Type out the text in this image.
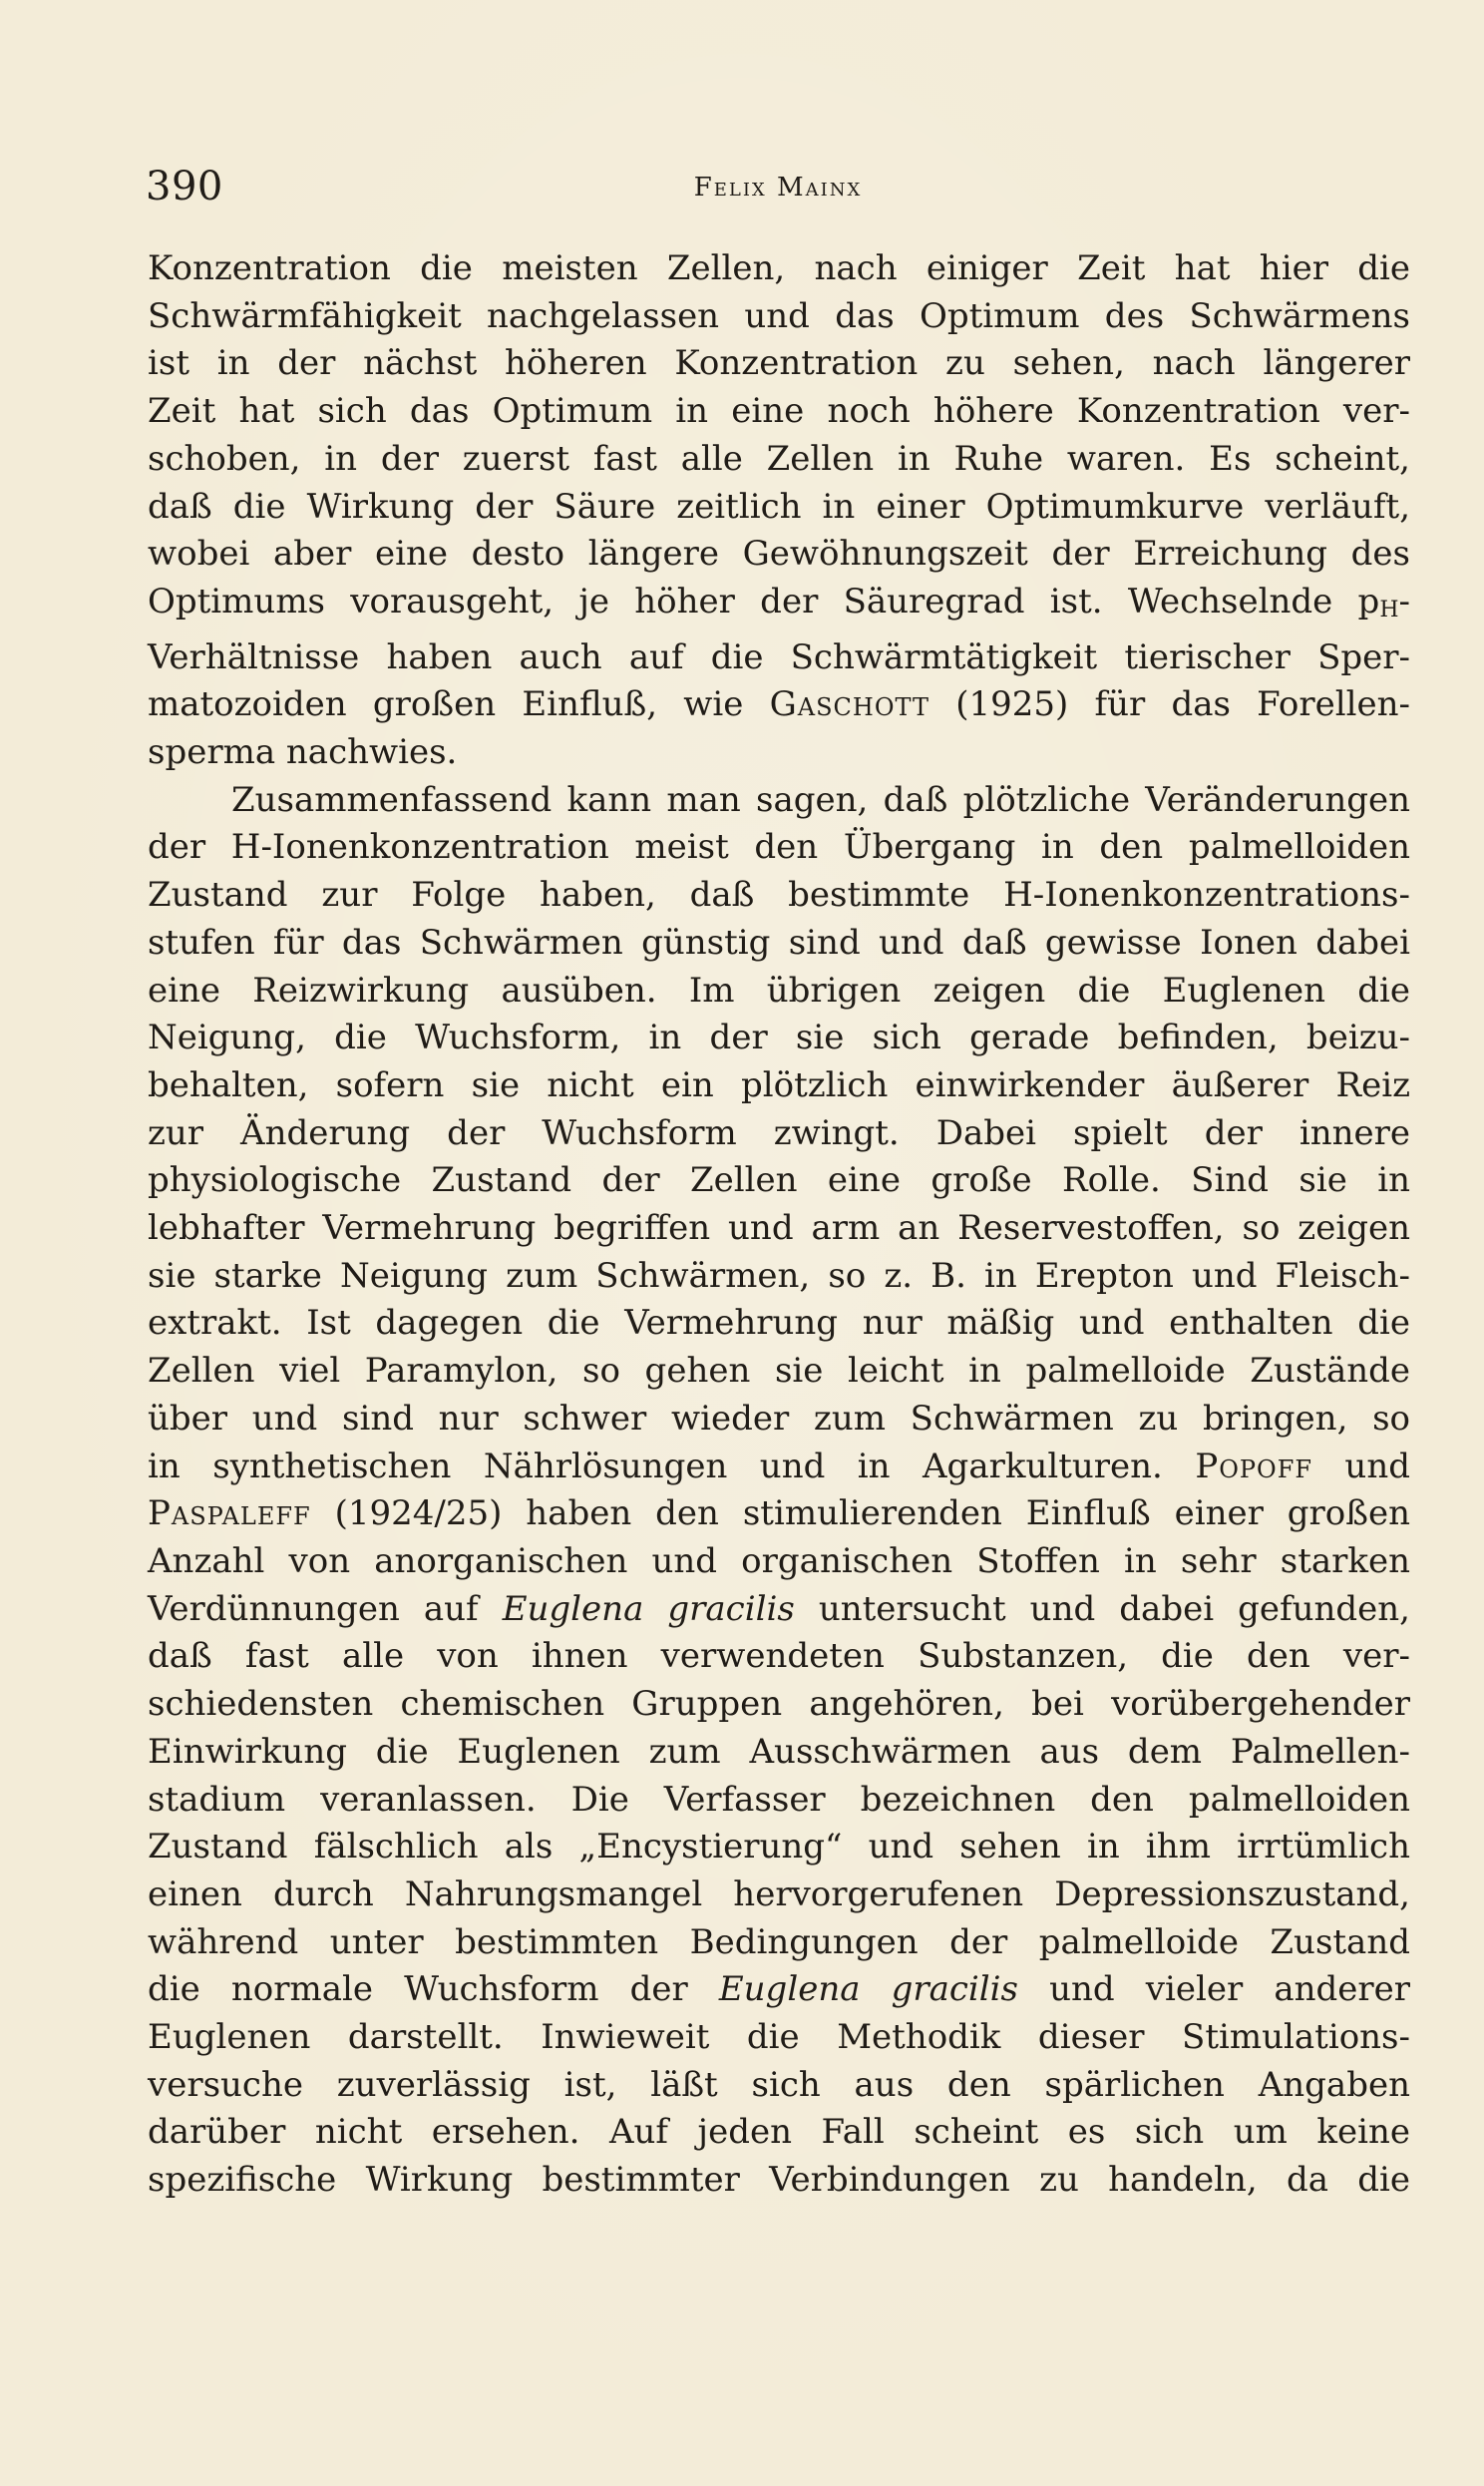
390	Felix Mainx
Konzentration die meisten Zellen, nach einiger Zeit hat hier die
Schwärmfähigkeit nachgelassen und das Optimum des Schwärmens
ist in der nächst höheren Konzentration zu sehen, nach längerer
Zeit hat sich das Optimum in eine noch höhere Konzentration ver-
schoben, in der zuerst fast alle Zellen in Ruhe waren. Es scheint,
daß die Wirkung der Säure zeitlich in einer Optimumkurve verläuft,
wobei aber eine desto längere Gewöhnungszeit der Erreichung des
Optimums vorausgeht, je höher der Säuregrad ist. Wechselnde pH-
Verhältnisse haben auch auf die Schwärmtätigkeit tierischer Sper-
matozoiden großen Einfluß, wie Gaschott (1925) für das Forellen-
sperma nachwies.
Zusammenfassend kann man sagen, daß plötzliche Veränderungen
der H-Ionenkonzentration meist den Übergang in den palmelloiden
Zustand zur Folge haben, daß bestimmte H-Ionenkonzentrations-
stufen für das Schwärmen günstig sind und daß gewisse Ionen dabei
eine Reizwirkung ausüben. Im übrigen zeigen die Euglenen die
Neigung, die Wuchsform, in der sie sich gerade befinden, beizu-
behalten, sofern sie nicht ein plötzlich einwirkender äußerer Reiz
zur Änderung der Wuchsform zwingt. Dabei spielt der innere
physiologische Zustand der Zellen eine große Rolle. Sind sie in
lebhafter Vermehrung begriffen und arm an Reservestoffen, so zeigen
sie starke Neigung zum Schwärmen, so z. B. in Erepton und Fleisch-
extrakt. Ist dagegen die Vermehrung nur mäßig und enthalten die
Zellen viel Paramylon, so gehen sie leicht in palmelloide Zustände
über und sind nur schwer wieder zum Schwärmen zu bringen, so
in synthetischen Nährlösungen und in Agarkulturen. Popoff und
Paspaleff (1924/25) haben den stimulierenden Einfluß einer großen
Anzahl von anorganischen und organischen Stoffen in sehr starken
Verdünnungen auf Euglena gracilis untersucht und dabei gefunden,
daß fast alle von ihnen verwendeten Substanzen, die den ver-
schiedensten chemischen Gruppen angehören, bei vorübergehender
Einwirkung die Euglenen zum Ausschwärmen aus dem Palmellen-
stadium veranlassen. Die Verfasser bezeichnen den palmelloiden
Zustand fälschlich als „Encystierung“ und sehen in ihm irrtümlich
einen durch Nahrungsmangel hervorgerufenen Depressionszustand,
während unter bestimmten Bedingungen der palmelloide Zustand
die normale Wuchsform der Euglena gracilis und vieler anderer
Euglenen darstellt. Inwieweit die Methodik dieser Stimulations-
versuche zuverlässig ist, läßt sich aus den spärlichen Angaben
darüber nicht ersehen. Auf jeden Fall scheint es sich um keine
spezifische Wirkung bestimmter Verbindungen zu handeln, da die
